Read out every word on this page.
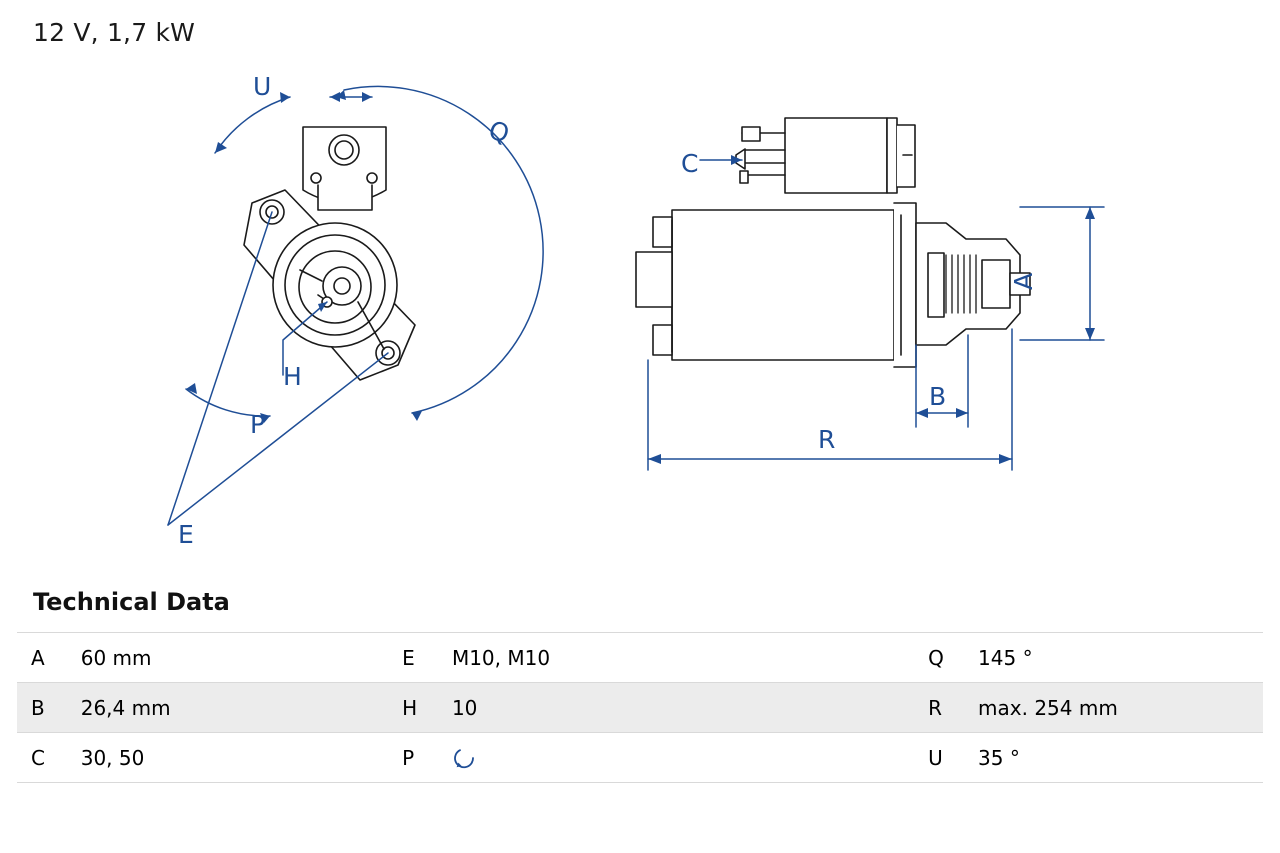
12 V, 1,7 kW
U
Q
H
P
E
C
A
B
R
Technical Data
A	60 mm	E	M10, M10	Q	145 °
B	26,4 mm	H	10	R	max. 254 mm
C	30, 50	P		U	35 °
